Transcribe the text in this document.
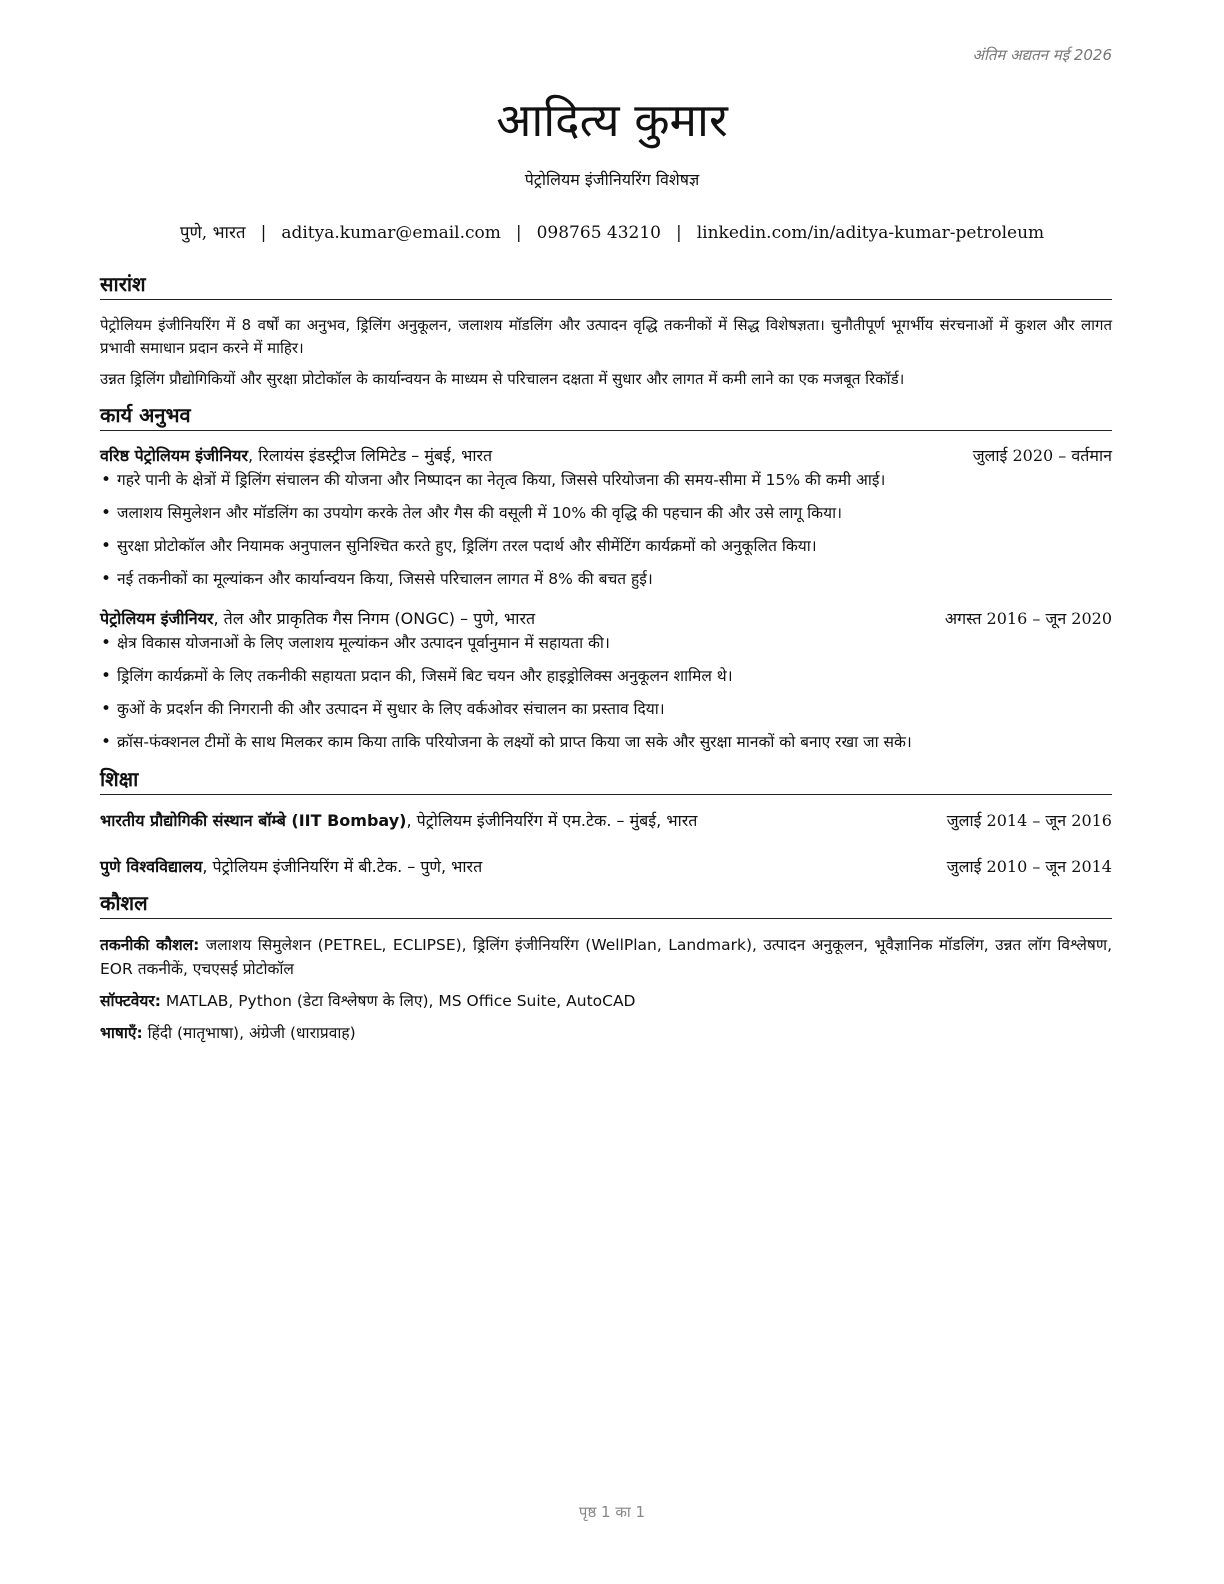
अंतिम अद्यतन मई 2026
आदित्य कुमार
पेट्रोलियम इंजीनियरिंग विशेषज्ञ
पुणे, भारत | aditya.kumar@email.com | 098765 43210 | linkedin.com/in/aditya-kumar-petroleum
सारांश

पेट्रोलियम इंजीनियरिंग में 8 वर्षों का अनुभव, ड्रिलिंग अनुकूलन, जलाशय मॉडलिंग और उत्पादन वृद्धि तकनीकों में सिद्ध विशेषज्ञता। चुनौतीपूर्ण भूगर्भीय संरचनाओं में कुशल और लागत प्रभावी समाधान प्रदान करने में माहिर।

उन्नत ड्रिलिंग प्रौद्योगिकियों और सुरक्षा प्रोटोकॉल के कार्यान्वयन के माध्यम से परिचालन दक्षता में सुधार और लागत में कमी लाने का एक मजबूत रिकॉर्ड।

कार्य अनुभव
वरिष्ठ पेट्रोलियम इंजीनियर, रिलायंस इंडस्ट्रीज लिमिटेड – मुंबई, भारत	जुलाई 2020 – वर्तमान
• गहरे पानी के क्षेत्रों में ड्रिलिंग संचालन की योजना और निष्पादन का नेतृत्व किया, जिससे परियोजना की समय-सीमा में 15% की कमी आई।
• जलाशय सिमुलेशन और मॉडलिंग का उपयोग करके तेल और गैस की वसूली में 10% की वृद्धि की पहचान की और उसे लागू किया।
• सुरक्षा प्रोटोकॉल और नियामक अनुपालन सुनिश्चित करते हुए, ड्रिलिंग तरल पदार्थ और सीमेंटिंग कार्यक्रमों को अनुकूलित किया।
• नई तकनीकों का मूल्यांकन और कार्यान्वयन किया, जिससे परिचालन लागत में 8% की बचत हुई।
पेट्रोलियम इंजीनियर, तेल और प्राकृतिक गैस निगम (ONGC) – पुणे, भारत	अगस्त 2016 – जून 2020
• क्षेत्र विकास योजनाओं के लिए जलाशय मूल्यांकन और उत्पादन पूर्वानुमान में सहायता की।
• ड्रिलिंग कार्यक्रमों के लिए तकनीकी सहायता प्रदान की, जिसमें बिट चयन और हाइड्रोलिक्स अनुकूलन शामिल थे।
• कुओं के प्रदर्शन की निगरानी की और उत्पादन में सुधार के लिए वर्कओवर संचालन का प्रस्ताव दिया।
• क्रॉस-फंक्शनल टीमों के साथ मिलकर काम किया ताकि परियोजना के लक्ष्यों को प्राप्त किया जा सके और सुरक्षा मानकों को बनाए रखा जा सके।
शिक्षा
भारतीय प्रौद्योगिकी संस्थान बॉम्बे (IIT Bombay), पेट्रोलियम इंजीनियरिंग में एम.टेक. – मुंबई, भारत	जुलाई 2014 – जून 2016
पुणे विश्वविद्यालय, पेट्रोलियम इंजीनियरिंग में बी.टेक. – पुणे, भारत	जुलाई 2010 – जून 2014
कौशल

तकनीकी कौशल: जलाशय सिमुलेशन (PETREL, ECLIPSE), ड्रिलिंग इंजीनियरिंग (WellPlan, Landmark), उत्पादन अनुकूलन, भूवैज्ञानिक मॉडलिंग, उन्नत लॉग विश्लेषण, EOR तकनीकें, एचएसई प्रोटोकॉल

सॉफ्टवेयर: MATLAB, Python (डेटा विश्लेषण के लिए), MS Office Suite, AutoCAD

भाषाएँ: हिंदी (मातृभाषा), अंग्रेजी (धाराप्रवाह)

पृष्ठ 1 का 1
